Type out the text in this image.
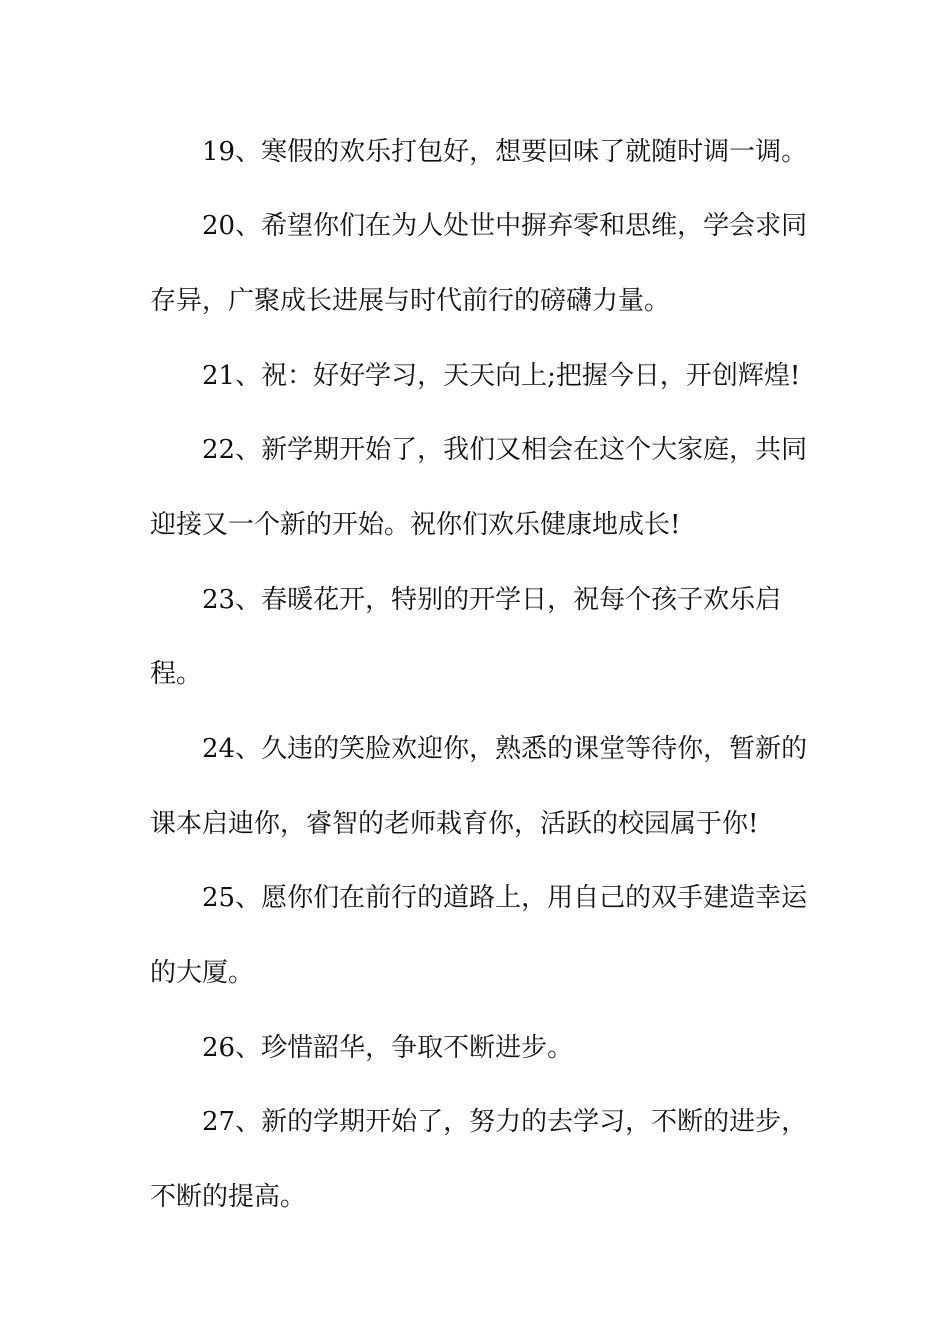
19、寒假的欢乐打包好，想要回味了就随时调一调。
20、希望你们在为人处世中摒弃零和思维，学会求同
存异，广聚成长进展与时代前行的磅礴力量。
21、祝：好好学习，天天向上;把握今日，开创辉煌!
22、新学期开始了，我们又相会在这个大家庭，共同
迎接又一个新的开始。祝你们欢乐健康地成长!
23、春暖花开，特别的开学日，祝每个孩子欢乐启
程。
24、久违的笑脸欢迎你，熟悉的课堂等待你，暂新的
课本启迪你，睿智的老师栽育你，活跃的校园属于你!
25、愿你们在前行的道路上，用自己的双手建造幸运
的大厦。
26、珍惜韶华，争取不断进步。
27、新的学期开始了，努力的去学习，不断的进步，
不断的提高。
